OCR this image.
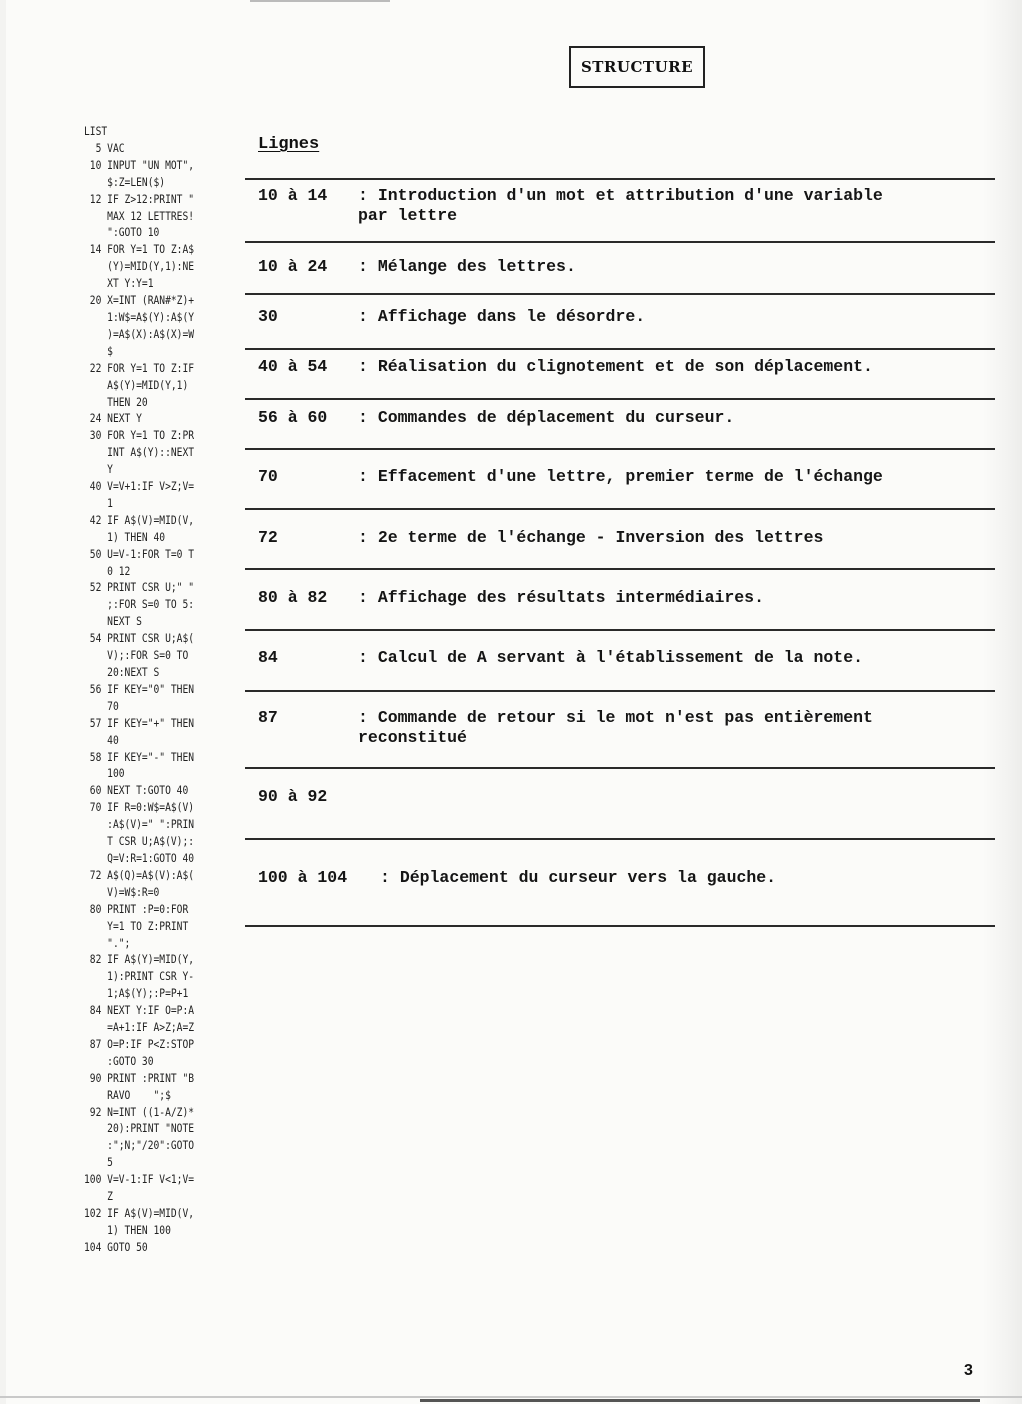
STRUCTURE
LIST
5 VAC
10 INPUT "UN MOT",
$:Z=LEN($)
12 IF Z>12:PRINT "
MAX 12 LETTRES!
":GOTO 10
14 FOR Y=1 TO Z:A$
(Y)=MID(Y,1):NE
XT Y:Y=1
20 X=INT (RAN#*Z)+
1:W$=A$(Y):A$(Y
)=A$(X):A$(X)=W
$
22 FOR Y=1 TO Z:IF
A$(Y)=MID(Y,1)
THEN 20
24 NEXT Y
30 FOR Y=1 TO Z:PR
INT A$(Y)::NEXT
Y
40 V=V+1:IF V>Z;V=
1
42 IF A$(V)=MID(V,
1) THEN 40
50 U=V-1:FOR T=0 T
0 12
52 PRINT CSR U;" "
;:FOR S=0 TO 5:
NEXT S
54 PRINT CSR U;A$(
V);:FOR S=0 TO
20:NEXT S
56 IF KEY="0" THEN
70
57 IF KEY="+" THEN
40
58 IF KEY="-" THEN
100
60 NEXT T:GOTO 40
70 IF R=0:W$=A$(V)
:A$(V)=" ":PRIN
T CSR U;A$(V);:
Q=V:R=1:GOTO 40
72 A$(Q)=A$(V):A$(
V)=W$:R=0
80 PRINT :P=0:FOR
Y=1 TO Z:PRINT
".";
82 IF A$(Y)=MID(Y,
1):PRINT CSR Y-
1;A$(Y);:P=P+1
84 NEXT Y:IF O=P:A
=A+1:IF A>Z;A=Z
87 O=P:IF P<Z:STOP
:GOTO 30
90 PRINT :PRINT "B
RAVO    ";$
92 N=INT ((1-A/Z)*
20):PRINT "NOTE
:";N;"/20":GOTO
5
100 V=V-1:IF V<1;V=
Z
102 IF A$(V)=MID(V,
1) THEN 100
104 GOTO 50
Lignes
10 à 14 : Introduction d'un mot et attribution d'une variable
par lettre
10 à 24 : Mélange des lettres.
30	: Affichage dans le désordre.
40 à 54 : Réalisation du clignotement et de son déplacement.
56 à 60 : Commandes de déplacement du curseur.
70	: Effacement d'une lettre, premier terme de l'échange
72	: 2e terme de l'échange - Inversion des lettres
80 à 82 : Affichage des résultats intermédiaires.
84	: Calcul de A servant à l'établissement de la note.
87	: Commande de retour si le mot n'est pas entièrement
reconstitué
90 à 92
100 à 104 : Déplacement du curseur vers la gauche.
3
